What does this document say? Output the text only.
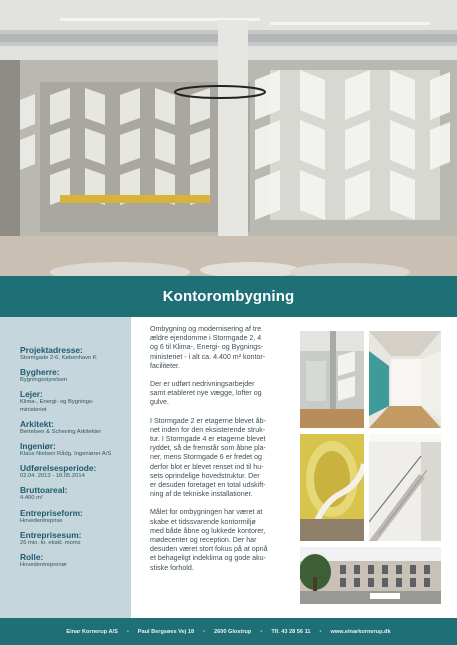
Kontorombygning
Projektadresse:
Stormgade 2-6, København K
Bygherre:
Bygningsstyrelsen
Lejer:
Klima-, Energi- og Bygnings-
ministeriet
Arkitekt:
Bertelsen & Scheving Arkitekter
Ingeniør:
Klaus Nielsen Rådg. Ingeniører A/S
Udførelsesperiode:
02.04. 2013 - 18.05.2014
Bruttoareal:
4.400 m²
Entrepriseform:
Hovedentreprise
Entreprisesum:
26 mio. kr. ekskl. moms
Rolle:
Hovedentreprenør

Ombygning og modernisering af tre
ældre ejendomme i Stormgade 2, 4
og 6 til Klima-, Energi- og Bygnings-
ministeriet - i alt ca. 4.400 m² kontor-
faciliteter.

Der er udført nedrivningsarbejder
samt etableret nye vægge, lofter og
gulve.

I Stormgade 2 er etagerne blevet åb-
net inden for den eksisterende struk-
tur. I Stormgade 4 er etagerne blevet
ryddet, så de fremstår som åbne pla-
ner, mens Stormgade 6 er fredet og
derfor blot er blevet renset ind til hu-
sets oprindelige hovedstruktur. Der
er desuden foretaget en total udskift-
ning af de tekniske installationer.

Målet for ombygningen har været at
skabe et tidssvarende kontormiljø
med både åbne og lukkede kontorer,
mødecenter og reception. Der har
desuden været stort fokus på at opnå
et behageligt indeklima og gode aku-
stiske forhold.

Einar Kornerup A/S • Paul Bergsøes Vej 18 • 2600 Glostrup • Tlf. 43 28 56 11 • www.einarkornerup.dk
